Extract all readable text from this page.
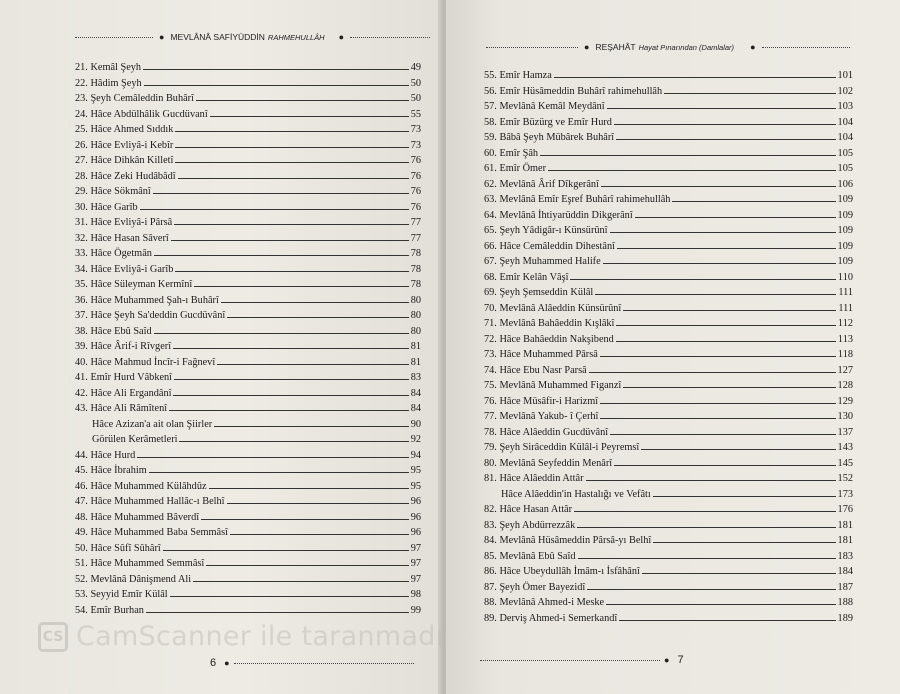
● MEVLÂNÂ SAFİYÜDDİN RAHMEHULLÂH ●
21. Kemâl Şeyh	49
22. Hâdim Şeyh	50
23. Şeyh Cemâleddin Buhârî	50
24. Hâce Abdülhâlik Gucdüvanî	55
25. Hâce Ahmed Sıddık	73
26. Hâce Evliyâ-i Kebîr	73
27. Hâce Dihkân Killetî	76
28. Hâce Zeki Hudâbâdî	76
29. Hâce Sökmânî	76
30. Hâce Garîb	76
31. Hâce Evliyâ-i Pârsâ	77
32. Hâce Hasan Sâverî	77
33. Hâce Ögetmân	78
34. Hâce Evliyâ-i Garîb	78
35. Hâce Süleyman Kermînî	78
36. Hâce Muhammed Şah-ı Buhârî	80
37. Hâce Şeyh Sa'deddin Gucdüvânî	80
38. Hâce Ebû Saîd	80
39. Hâce Ârif-i Rîvgerî	81
40. Hâce Mahmud İncîr-i Fağnevî	81
41. Emîr Hurd Vâbkenî	83
42. Hâce Ali Ergandânî	84
43. Hâce Ali Râmîtenî	84
Hâce Azizan'a ait olan Şiirler	90
Görülen Kerâmetleri	92
44. Hâce Hurd	94
45. Hâce İbrahim	95
46. Hâce Muhammed Külâhdûz	95
47. Hâce Muhammed Hallâc-ı Belhî	96
48. Hâce Muhammed Bâverdî	96
49. Hâce Muhammed Baba Semmâsî	96
50. Hâce Sûfî Sûhârî	97
51. Hâce Muhammed Semmâsî	97
52. Mevlânâ Dânişmend Ali	97
53. Seyyid Emîr Külâl	98
54. Emîr Burhan	99
6 ●
● REŞAHÂT Hayat Pınarından (Damlalar) ●
55. Emîr Hamza	101
56. Emîr Hüsâmeddin Buhârî rahimehullâh	102
57. Mevlânâ Kemâl Meydânî	103
58. Emîr Büzürg ve Emîr Hurd	104
59. Bâbâ Şeyh Mübârek Buhârî	104
60. Emîr Şâh	105
61. Emîr Ömer	105
62. Mevlânâ Ârif Dîkgerânî	106
63. Mevlânâ Emîr Eşref Buhârî rahimehullâh	109
64. Mevlânâ İhtiyarüddin Dikgerânî	109
65. Şeyh Yâdigâr-ı Künsürûnî	109
66. Hâce Cemâleddin Dihestânî	109
67. Şeyh Muhammed Halife	109
68. Emîr Kelân Vâşî	110
69. Şeyh Şemseddin Külâl	111
70. Mevlânâ Alâeddin Künsürûnî	111
71. Mevlânâ Bahâeddin Kışlâkî	112
72. Hâce Bahâeddin Nakşibend	113
73. Hâce Muhammed Pârsâ	118
74. Hâce Ebu Nasr Parsâ	127
75. Mevlânâ Muhammed Figanzî	128
76. Hâce Müsâfir-i Harizmî	129
77. Mevlânâ Yakub- î Çerhî	130
78. Hâce Alâeddin Gucdüvânî	137
79. Şeyh Sirâceddin Külâl-i Peyremsî	143
80. Mevlânâ Seyfeddin Menârî	145
81. Hâce Alâeddin Attâr	152
Hâce Alâeddin'in Hastalığı ve Vefâtı	173
82. Hâce Hasan Attâr	176
83. Şeyh Abdürrezzâk	181
84. Mevlânâ Hüsâmeddin Pârsâ-yı Belhî	181
85. Mevlânâ Ebû Saîd	183
86. Hâce Ubeydullâh İmâm-ı İsfâhânî	184
87. Şeyh Ömer Bayezidî	187
88. Mevlânâ Ahmed-i Meske	188
89. Derviş Ahmed-i Semerkandî	189
● 7
CS CamScanner ile taranmadı
